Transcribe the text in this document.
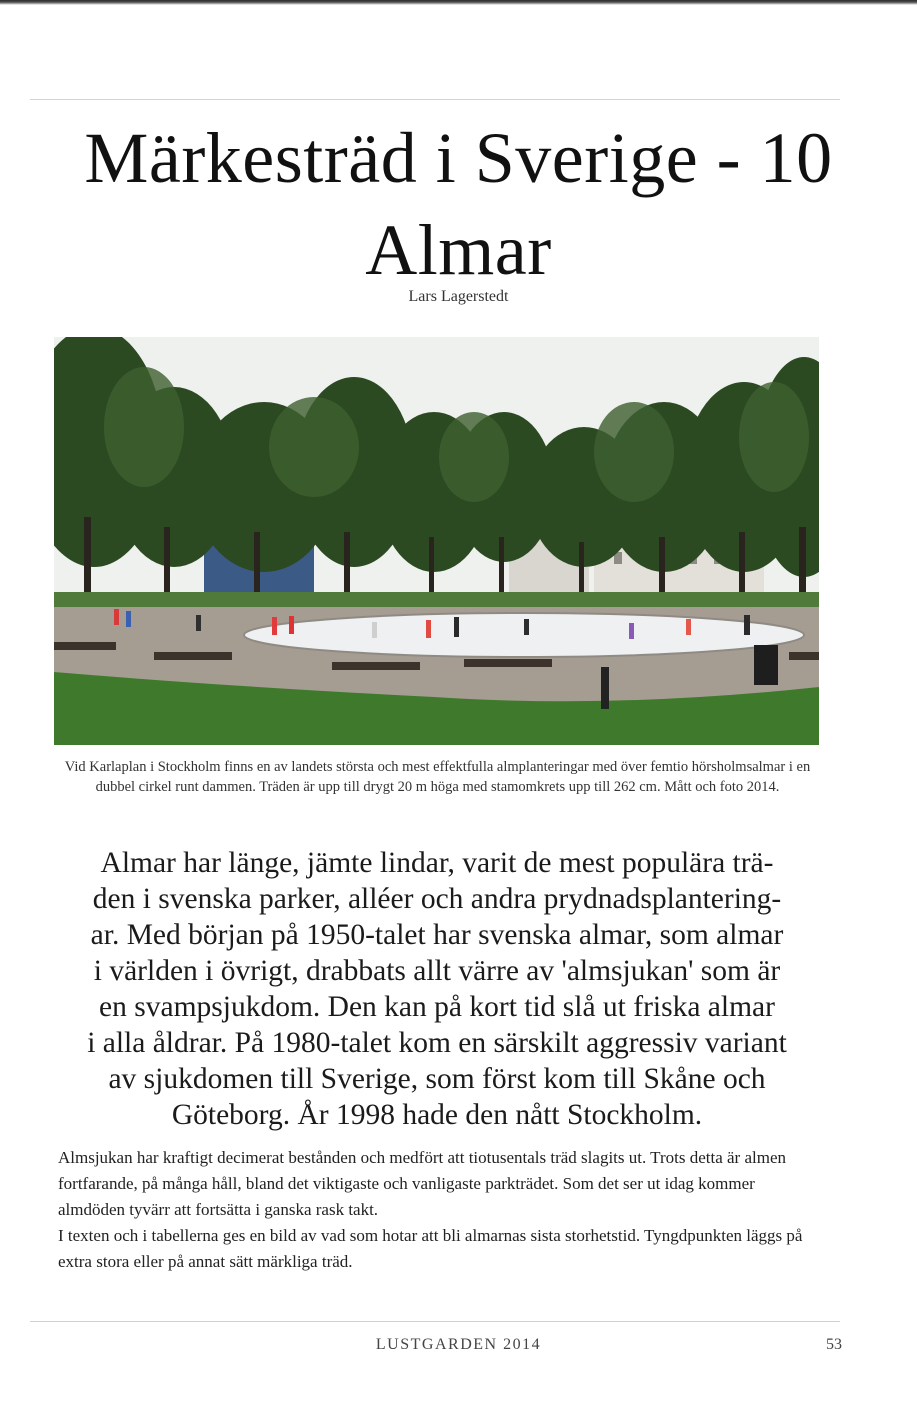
Märkesträd i Sverige - 10
Almar
Lars Lagerstedt
Vid Karlaplan i Stockholm finns en av landets största och mest effektfulla almplanteringar med över femtio hörsholmsalmar i en dubbel cirkel runt dammen. Träden är upp till drygt 20 m höga med stamomkrets upp till 262 cm. Mått och foto 2014.
Almar har länge, jämte lindar, varit de mest populära trä-
den i svenska parker, alléer och andra prydnadsplantering-
ar. Med början på 1950-talet har svenska almar, som almar
i världen i övrigt, drabbats allt värre av 'almsjukan' som är
en svampsjukdom. Den kan på kort tid slå ut friska almar
i alla åldrar. På 1980-talet kom en särskilt aggressiv variant
av sjukdomen till Sverige, som först kom till Skåne och
Göteborg. År 1998 hade den nått Stockholm.

Almsjukan har kraftigt decimerat bestånden och medfört att tiotusentals träd slagits ut. Trots detta är almen fortfarande, på många håll, bland det viktigaste och vanligaste parkträdet. Som det ser ut idag kommer almdöden tyvärr att fortsätta i ganska rask takt.

I texten och i tabellerna ges en bild av vad som hotar att bli almarnas sista storhetstid. Tyngdpunkten läggs på extra stora eller på annat sätt märkliga träd.

LUSTGARDEN 2014	53
